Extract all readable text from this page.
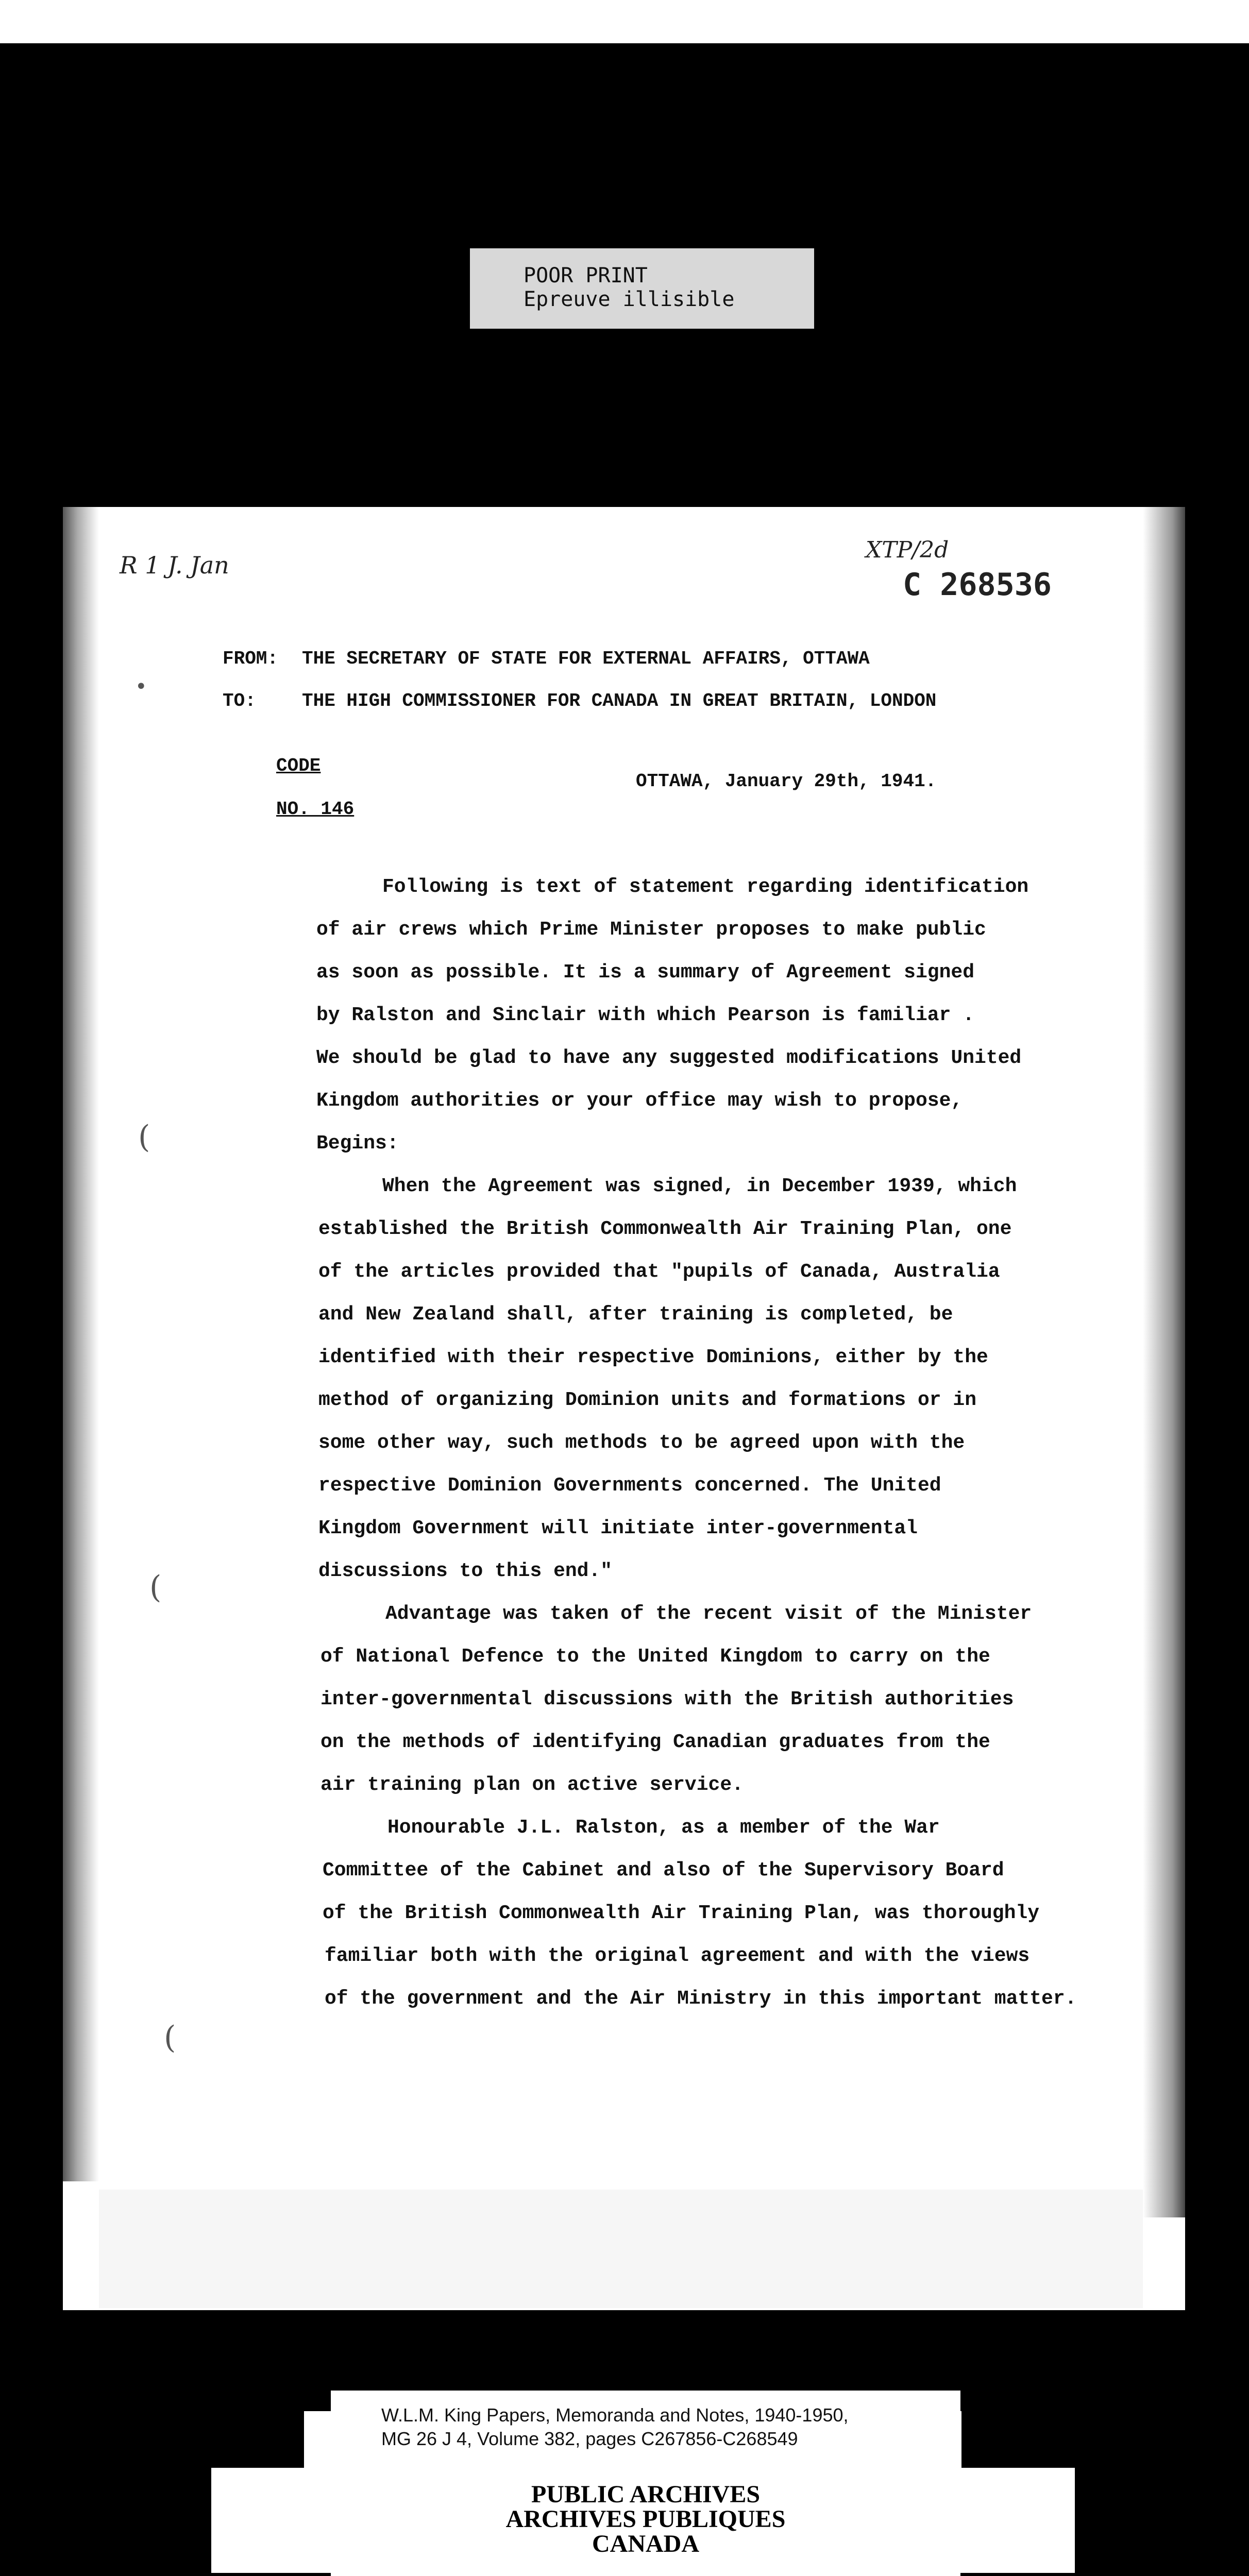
POOR PRINT
Epreuve illisible
R 1 J. Jan
XTP/2d
C 268536
FROM: THE SECRETARY OF STATE FOR EXTERNAL AFFAIRS, OTTAWA
TO: THE HIGH COMMISSIONER FOR CANADA IN GREAT BRITAIN, LONDON
CODE
NO. 146
OTTAWA, January 29th, 1941.
•
(
(
(
Following is text of statement regarding identification
of air crews which Prime Minister proposes to make public
as soon as possible. It is a summary of Agreement signed
by Ralston and Sinclair with which Pearson is familiar .
We should be glad to have any suggested modifications United
Kingdom authorities or your office may wish to propose,
Begins:
When the Agreement was signed, in December 1939, which
established the British Commonwealth Air Training Plan, one
of the articles provided that "pupils of Canada, Australia
and New Zealand shall, after training is completed, be
identified with their respective Dominions, either by the
method of organizing Dominion units and formations or in
some other way, such methods to be agreed upon with the
respective Dominion Governments concerned. The United
Kingdom Government will initiate inter-governmental
discussions to this end."
Advantage was taken of the recent visit of the Minister
of National Defence to the United Kingdom to carry on the
inter-governmental discussions with the British authorities
on the methods of identifying Canadian graduates from the
air training plan on active service.
Honourable J.L. Ralston, as a member of the War
Committee of the Cabinet and also of the Supervisory Board
of the British Commonwealth Air Training Plan, was thoroughly
familiar both with the original agreement and with the views
of the government and the Air Ministry in this important matter.
W.L.M. King Papers, Memoranda and Notes, 1940-1950,
MG 26 J 4, Volume 382, pages C267856-C268549
PUBLIC ARCHIVES
ARCHIVES PUBLIQUES
CANADA
